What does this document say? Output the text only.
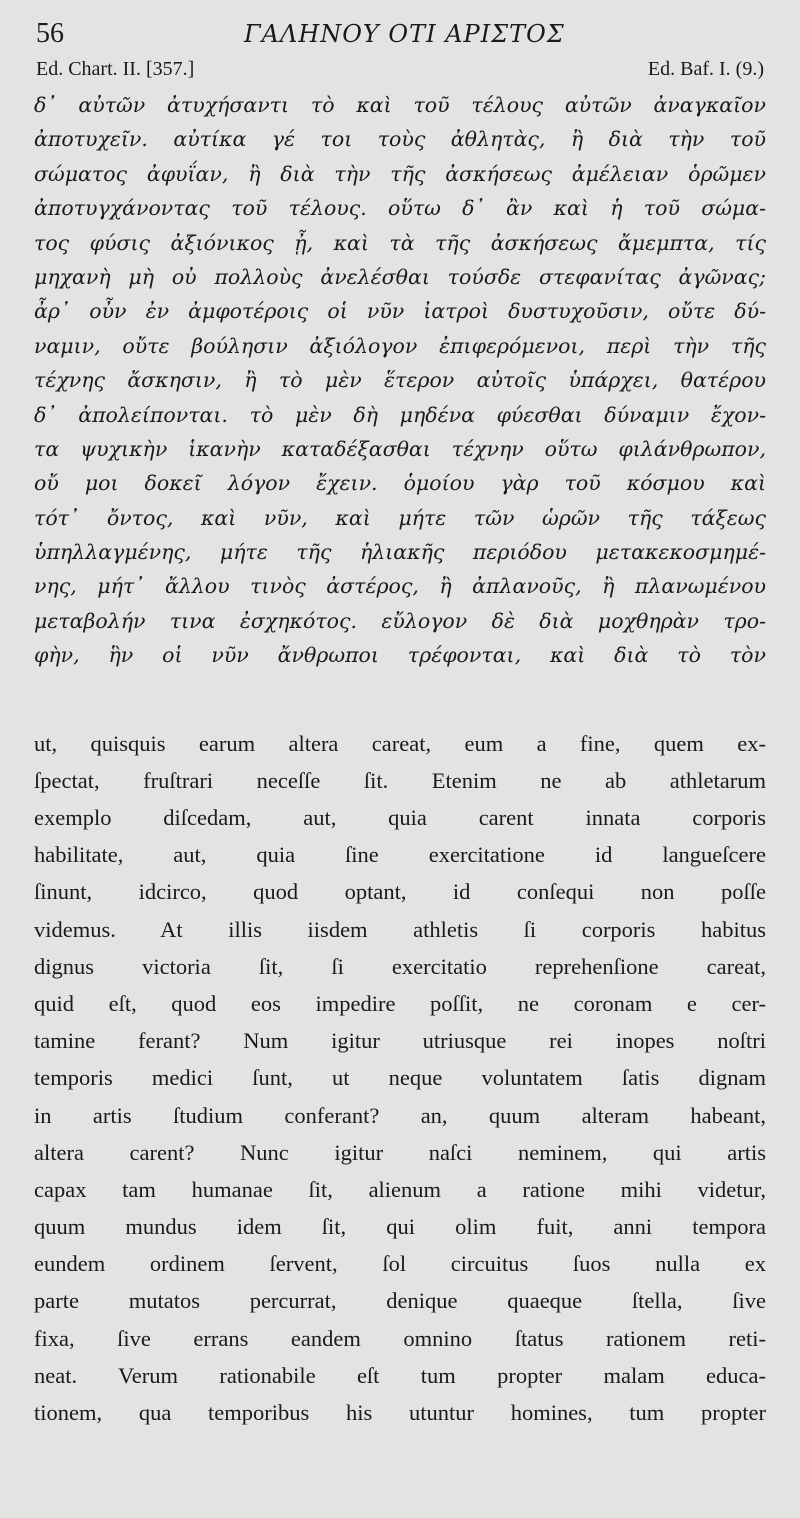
56	ΓΑΛΗΝΟΥ ΟΤΙ ΑΡΙΣΤΟΣ
Ed. Chart. II. [357.]	Ed. Baf. I. (9.)
δ᾽ αὐτῶν ἀτυχήσαντι τὸ καὶ τοῦ τέλους αὐτῶν ἀναγκαῖον
ἀποτυχεῖν. αὐτίκα γέ τοι τοὺς ἀθλητὰς, ἢ διὰ τὴν τοῦ
σώματος ἀφυΐαν, ἢ διὰ τὴν τῆς ἀσκήσεως ἀμέλειαν ὁρῶμεν
ἀποτυγχάνοντας τοῦ τέλους. οὕτω δ᾽ ἂν καὶ ἡ τοῦ σώμα-
τος φύσις ἀξιόνικος ᾖ, καὶ τὰ τῆς ἀσκήσεως ἄμεμπτα, τίς
μηχανὴ μὴ οὐ πολλοὺς ἀνελέσθαι τούσδε στεφανίτας ἀγῶνας;
ἆρ᾽ οὖν ἐν ἀμφοτέροις οἱ νῦν ἰατροὶ δυστυχοῦσιν, οὔτε δύ-
ναμιν, οὔτε βούλησιν ἀξιόλογον ἐπιφερόμενοι, περὶ τὴν τῆς
τέχνης ἄσκησιν, ἢ τὸ μὲν ἕτερον αὐτοῖς ὑπάρχει, θατέρου
δ᾽ ἀπολείπονται. τὸ μὲν δὴ μηδένα φύεσθαι δύναμιν ἔχον-
τα ψυχικὴν ἱκανὴν καταδέξασθαι τέχνην οὕτω φιλάνθρωπον,
οὔ μοι δοκεῖ λόγον ἔχειν. ὁμοίου γὰρ τοῦ κόσμου καὶ
τότ᾽ ὄντος, καὶ νῦν, καὶ μήτε τῶν ὡρῶν τῆς τάξεως
ὑπηλλαγμένης, μήτε τῆς ἡλιακῆς περιόδου μετακεκοσμημέ-
νης, μήτ᾽ ἄλλου τινὸς ἀστέρος, ἢ ἀπλανοῦς, ἢ πλανωμένου
μεταβολήν τινα ἐσχηκότος. εὔλογον δὲ διὰ μοχθηρὰν τρο-
φὴν, ἣν οἱ νῦν ἄνθρωποι τρέφονται, καὶ διὰ τὸ τὸν
ut, quisquis earum altera careat, eum a fine, quem ex-
ſpectat, fruſtrari neceſſe ſit. Etenim ne ab athletarum
exemplo diſcedam, aut, quia carent innata corporis
habilitate, aut, quia ſine exercitatione id langueſcere
ſinunt, idcirco, quod optant, id conſequi non poſſe
videmus. At illis iisdem athletis ſi corporis habitus
dignus victoria ſit, ſi exercitatio reprehenſione careat,
quid eſt, quod eos impedire poſſit, ne coronam e cer-
tamine ferant? Num igitur utriusque rei inopes noſtri
temporis medici ſunt, ut neque voluntatem ſatis dignam
in artis ſtudium conferant? an, quum alteram habeant,
altera carent? Nunc igitur naſci neminem, qui artis
capax tam humanae ſit, alienum a ratione mihi videtur,
quum mundus idem ſit, qui olim fuit, anni tempora
eundem ordinem ſervent, ſol circuitus ſuos nulla ex
parte mutatos percurrat, denique quaeque ſtella, ſive
fixa, ſive errans eandem omnino ſtatus rationem reti-
neat. Verum rationabile eſt tum propter malam educa-
tionem, qua temporibus his utuntur homines, tum propter
